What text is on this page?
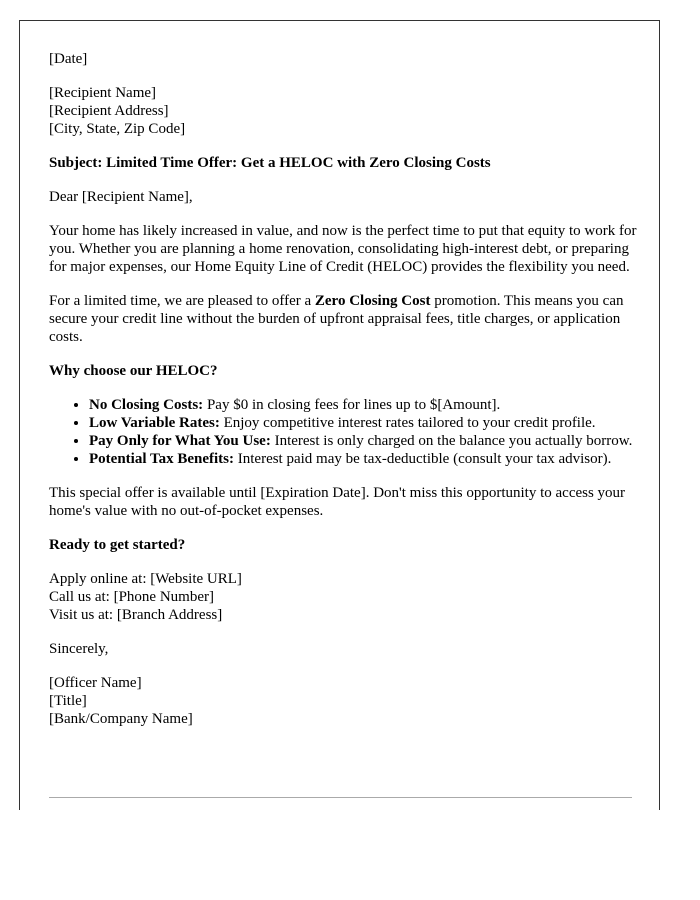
[Date]

[Recipient Name]
[Recipient Address]
[City, State, Zip Code]

Subject: Limited Time Offer: Get a HELOC with Zero Closing Costs

Dear [Recipient Name],

Your home has likely increased in value, and now is the perfect time to put that equity to work for you. Whether you are planning a home renovation, consolidating high-interest debt, or preparing for major expenses, our Home Equity Line of Credit (HELOC) provides the flexibility you need.

For a limited time, we are pleased to offer a Zero Closing Cost promotion. This means you can secure your credit line without the burden of upfront appraisal fees, title charges, or application costs.

Why choose our HELOC?

• No Closing Costs: Pay $0 in closing fees for lines up to $[Amount].
• Low Variable Rates: Enjoy competitive interest rates tailored to your credit profile.
• Pay Only for What You Use: Interest is only charged on the balance you actually borrow.
• Potential Tax Benefits: Interest paid may be tax-deductible (consult your tax advisor).

This special offer is available until [Expiration Date]. Don't miss this opportunity to access your home's value with no out-of-pocket expenses.

Ready to get started?

Apply online at: [Website URL]
Call us at: [Phone Number]
Visit us at: [Branch Address]

Sincerely,

[Officer Name]
[Title]
[Bank/Company Name]
